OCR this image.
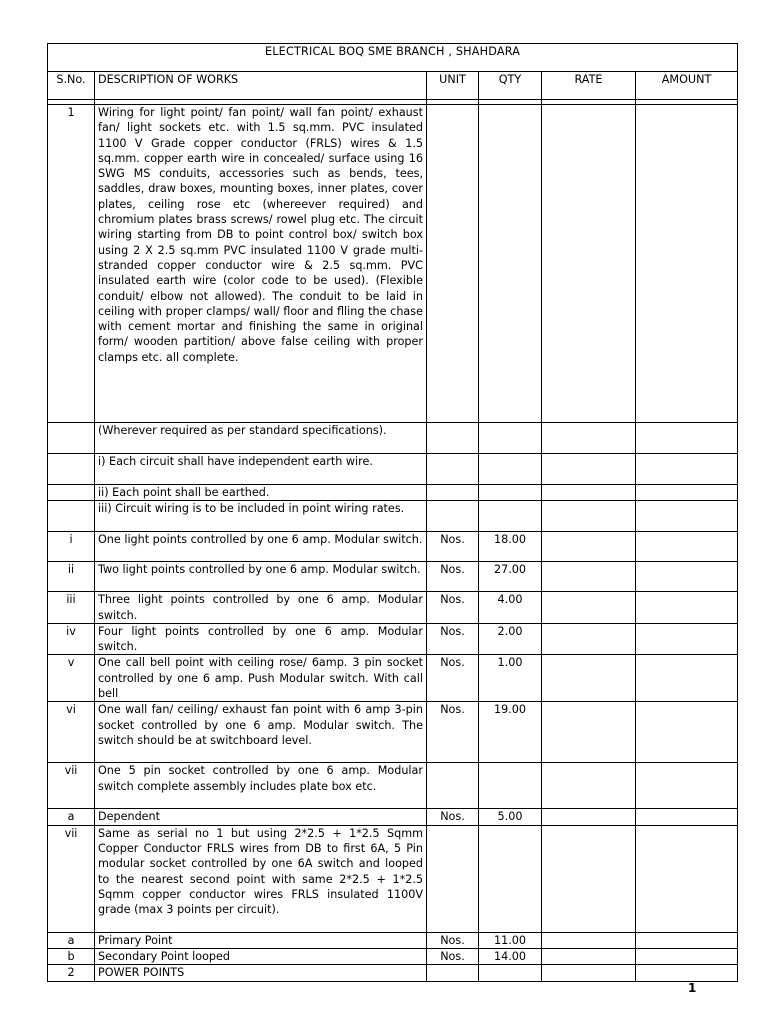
ELECTRICAL BOQ SME BRANCH , SHAHDARA					
S.No.	DESCRIPTION OF WORKS	UNIT	QTY	RATE	AMOUNT

1	Wiring for light point/ fan point/ wall fan point/ exhaust fan/ light sockets etc. with 1.5 sq.mm. PVC insulated 1100 V Grade copper conductor (FRLS) wires & 1.5 sq.mm. copper earth wire in concealed/ surface using 16 SWG MS conduits, accessories such as bends, tees, saddles, draw boxes, mounting boxes, inner plates, cover plates, ceiling rose etc (whereever required) and chromium plates brass screws/ rowel plug etc. The circuit wiring starting from DB to point control box/ switch box using 2 X 2.5 sq.mm PVC insulated 1100 V grade multi- stranded copper conductor wire & 2.5 sq.mm. PVC insulated earth wire (color code to be used). (Flexible conduit/ elbow not allowed). The conduit to be laid in ceiling with proper clamps/ wall/ floor and flling the chase with cement mortar and finishing the same in original form/ wooden partition/ above false ceiling with proper clamps etc. all complete.				
	(Wherever required as per standard specifications).				
	i) Each circuit shall have independent earth wire.				
	ii) Each point shall be earthed.				
	iii) Circuit wiring is to be included in point wiring rates.				
i	One light points controlled by one 6 amp. Modular switch.	Nos.	18.00		
ii	Two light points controlled by one 6 amp. Modular switch.	Nos.	27.00		
iii	Three light points controlled by one 6 amp. Modular switch.	Nos.	4.00		
iv	Four light points controlled by one 6 amp. Modular switch.	Nos.	2.00		
v	One call bell point with ceiling rose/ 6amp. 3 pin socket controlled by one 6 amp. Push Modular switch. With call bell	Nos.	1.00		
vi	One wall fan/ ceiling/ exhaust fan point with 6 amp 3-pin socket controlled by one 6 amp. Modular switch. The switch should be at switchboard level.	Nos.	19.00		
vii	One 5 pin socket controlled by one 6 amp. Modular switch complete assembly includes plate box etc.				
a	Dependent	Nos.	5.00		
vii	Same as serial no 1 but using 2*2.5 + 1*2.5 Sqmm Copper Conductor FRLS wires from DB to first 6A, 5 Pin modular socket controlled by one 6A switch and looped to the nearest second point with same 2*2.5 + 1*2.5 Sqmm copper conductor wires FRLS insulated 1100V grade (max 3 points per circuit).				
a	Primary Point	Nos.	11.00		
b	Secondary Point looped	Nos.	14.00		
2	POWER POINTS				
1
